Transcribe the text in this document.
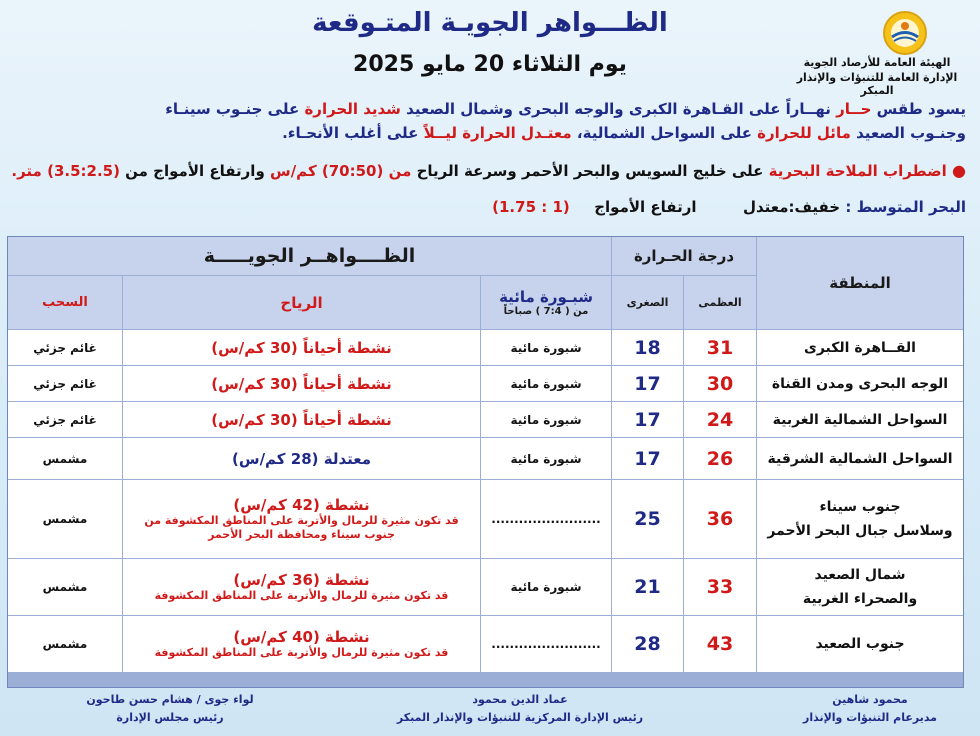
الظـــواهر الجويـة المتـوقعة
يوم الثلاثاء 20 مايو 2025	الهيئة العامة للأرصاد الجوية
الإدارة العامة للتنبؤات والإنذار المبكر
يسود طقس حــار نهــاراً على القـاهرة الكبرى والوجه البحرى وشمال الصعيد شديد الحرارة على جنـوب سينـاء
وجنـوب الصعيد مائل للحرارة على السواحل الشمالية، معتـدل الحرارة ليــلاً على أغلب الأنحـاء.
● اضطراب الملاحة البحرية على خليج السويس والبحر الأحمر وسرعة الرياح من (70:50) كم/س وارتفاع الأمواج من (3.5:2.5) متر.
البحر المتوسط : خفيف:معتدل  ارتفاع الأمواج  (1 : 1.75)
المنطقة
درجة الحـرارة
الظــــواهــر الجويـــــة
العظمى
الصغرى
شبـورة مائية
من ( 7:4 ) صباحاً
الرياح
السحب
القــاهرة الكبرى
31
18
شبورة مائية
نشطة أحياناً (30 كم/س)
غائم جزئي
الوجه البحرى ومدن القناة
30
17
شبورة مائية
نشطة أحياناً (30 كم/س)
غائم جزئي
السواحل الشمالية الغربية
24
17
شبورة مائية
نشطة أحياناً (30 كم/س)
غائم جزئي
السواحل الشمالية الشرقية
26
17
شبورة مائية
معتدلة (28 كم/س)
مشمس
جنوب سيناء
وسلاسل جبال البحر الأحمر
36
25
........................
نشطة (42 كم/س)
قد تكون مثيرة للرمال والأتربة على المناطق المكشوفة من جنوب سيناء ومحافظة البحر الأحمر
مشمس
شمال الصعيد
والصحراء الغربية
33
21
شبورة مائية
نشطة (36 كم/س)
قد تكون مثيرة للرمال والأتربة على المناطق المكشوفة
مشمس
جنوب الصعيد
43
28
........................
نشطة (40 كم/س)
قد تكون مثيرة للرمال والأتربة على المناطق المكشوفة
مشمس
محمود شاهين
مديرعام التنبؤات والإنذار
عماد الدين محمود
رئيس الإدارة المركزية للتنبؤات والإنذار المبكر
لواء جوى / هشام حسن طاحون
رئيس مجلس الإدارة
